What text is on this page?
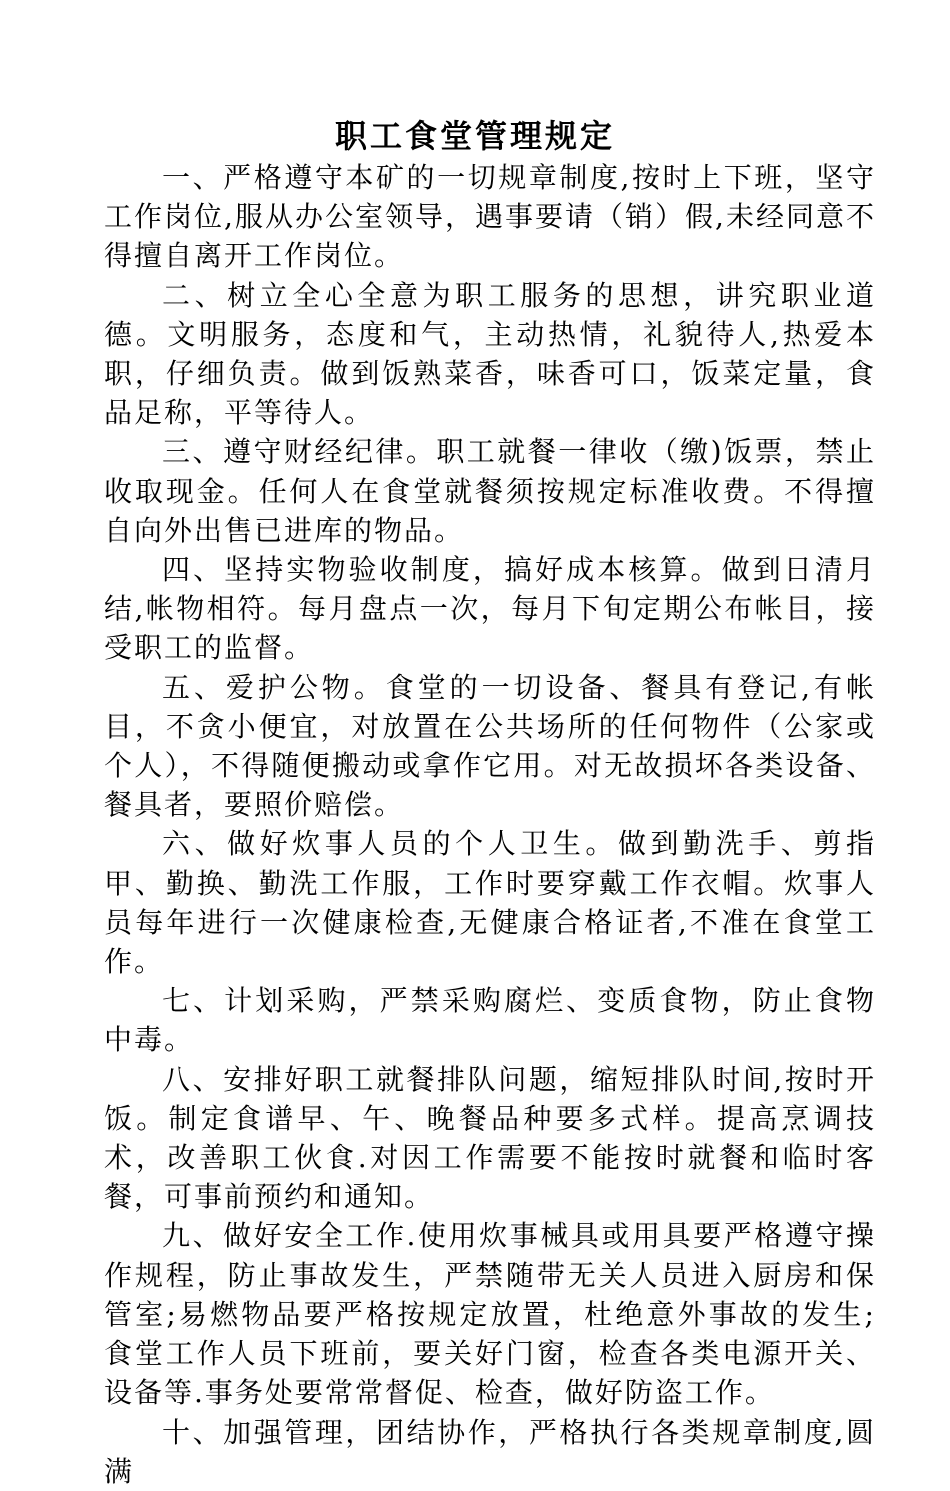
职工食堂管理规定

一、严格遵守本矿的一切规章制度,按时上下班，坚守工作岗位,服从办公室领导，遇事要请（销）假,未经同意不得擅自离开工作岗位。

二、树立全心全意为职工服务的思想，讲究职业道德。文明服务，态度和气，主动热情，礼貌待人,热爱本职，仔细负责。做到饭熟菜香，味香可口，饭菜定量，食品足称，平等待人。

三、遵守财经纪律。职工就餐一律收（缴)饭票，禁止收取现金。任何人在食堂就餐须按规定标准收费。不得擅自向外出售已进库的物品。

四、坚持实物验收制度，搞好成本核算。做到日清月结,帐物相符。每月盘点一次，每月下旬定期公布帐目，接受职工的监督。

五、爱护公物。食堂的一切设备、餐具有登记,有帐目，不贪小便宜，对放置在公共场所的任何物件（公家或个人），不得随便搬动或拿作它用。对无故损坏各类设备、餐具者，要照价赔偿。

六、做好炊事人员的个人卫生。做到勤洗手、剪指甲、勤换、勤洗工作服，工作时要穿戴工作衣帽。炊事人员每年进行一次健康检查,无健康合格证者,不准在食堂工作。

七、计划采购，严禁采购腐烂、变质食物，防止食物中毒。

八、安排好职工就餐排队问题，缩短排队时间,按时开饭。制定食谱早、午、晚餐品种要多式样。提高烹调技术，改善职工伙食.对因工作需要不能按时就餐和临时客餐，可事前预约和通知。

九、做好安全工作.使用炊事械具或用具要严格遵守操作规程，防止事故发生，严禁随带无关人员进入厨房和保管室;易燃物品要严格按规定放置，杜绝意外事故的发生;食堂工作人员下班前，要关好门窗，检查各类电源开关、设备等.事务处要常常督促、检查，做好防盗工作。

十、加强管理，团结协作，严格执行各类规章制度,圆满
